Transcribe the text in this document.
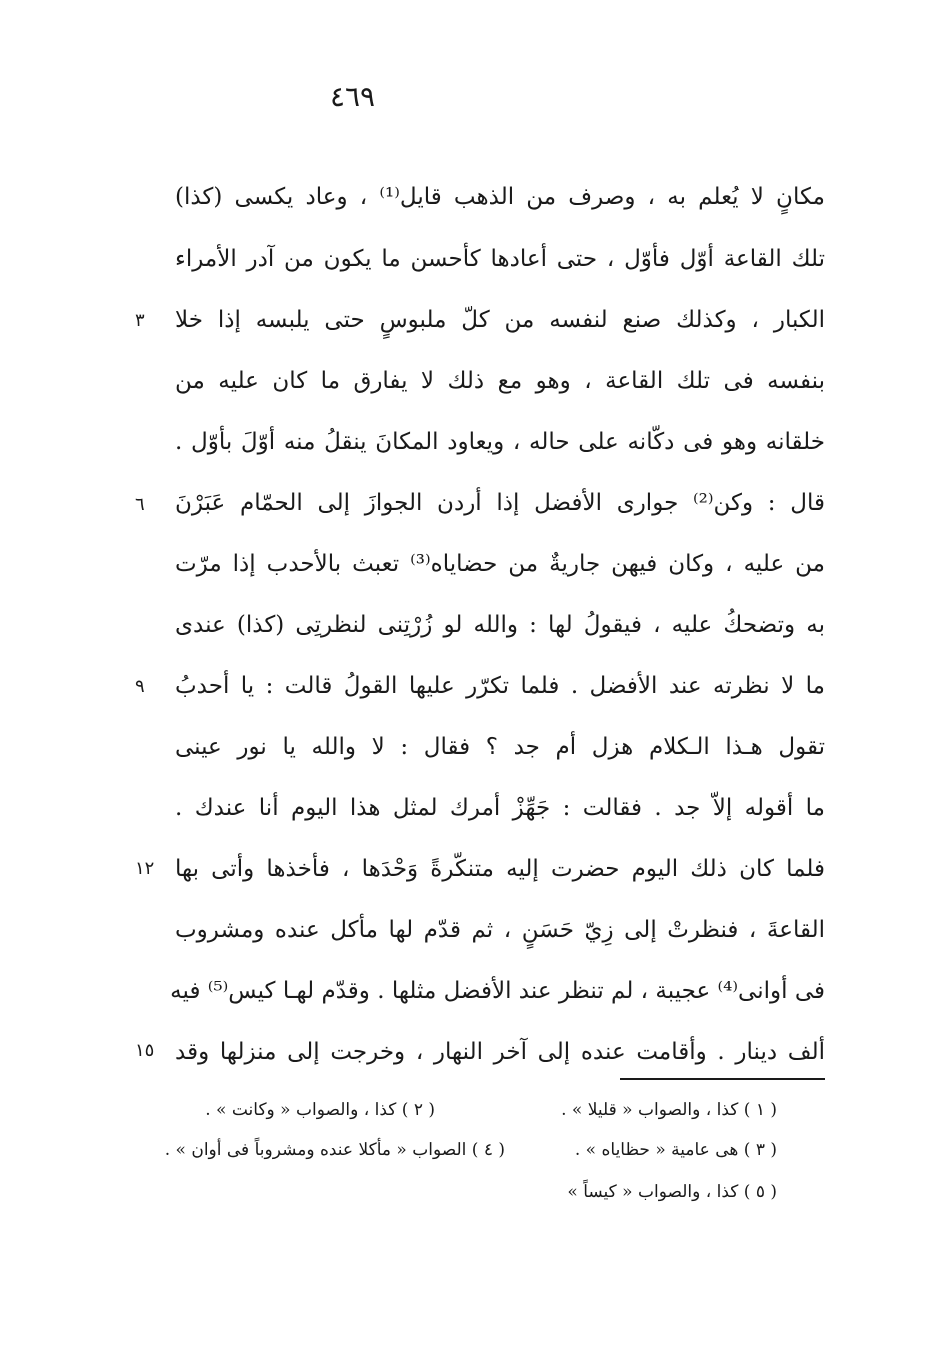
٤٦٩
مكانٍ لا يُعلم به ، وصرف من الذهب قايل⁽¹⁾ ، وعاد يكسى (كذا)
تلك القاعة أوّل فأوّل ، حتى أعادها كأحسن ما يكون من آدر الأمراء
الكبار ، وكذلك صنع لنفسه من كلّ ملبوسٍ حتى يلبسه إذا خلا
٣
بنفسه فى تلك القاعة ، وهو مع ذلك لا يفارق ما كان عليه من
خلقانه وهو فى دكّانه على حاله ، ويعاود المكانَ ينقلُ منه أوّلَ بأوّل .
قال : وكن⁽²⁾ جوارى الأفضل إذا أردن الجوازَ إلى الحمّام عَبَرْنَ
٦
من عليه ، وكان فيهن جاريةٌ من حضاياه⁽³⁾ تعبث بالأحدب إذا مرّت
به وتضحكُ عليه ، فيقولُ لها : والله لو زُرْتِنى لنظرتِى (كذا) عندى
ما لا نظرته عند الأفضل . فلما تكرّر عليها القولُ قالت : يا أحدبُ
٩
تقول هـذا الـكلام هزل أم جد ؟ فقال : لا والله يا نور عينى
ما أقوله إلاّ جد . فقالت : جَهِّزْ أمرك لمثل هذا اليوم أنا عندك .
فلما كان ذلك اليوم حضرت إليه متنكّرةً وَحْدَها ، فأخذها وأتى بها
١٢
القاعةَ ، فنظرتْ إلى زِيّ حَسَنٍ ، ثم قدّم لها مأكل عنده ومشروب
فى أوانى⁽⁴⁾ عجيبة ، لم تنظر عند الأفضل مثلها . وقدّم لهـا كيس⁽⁵⁾ فيه
ألف دينار . وأقامت عنده إلى آخر النهار ، وخرجت إلى منزلها وقد
١٥
( ١ ) كذا ، والصواب « قليلا » .
( ٢ ) كذا ، والصواب « وكانت » .
( ٣ ) هى عامية « حظاياه » .
( ٤ ) الصواب « مأكلا عنده ومشروباً فى أوان » .
( ٥ ) كذا ، والصواب « كيساً »
